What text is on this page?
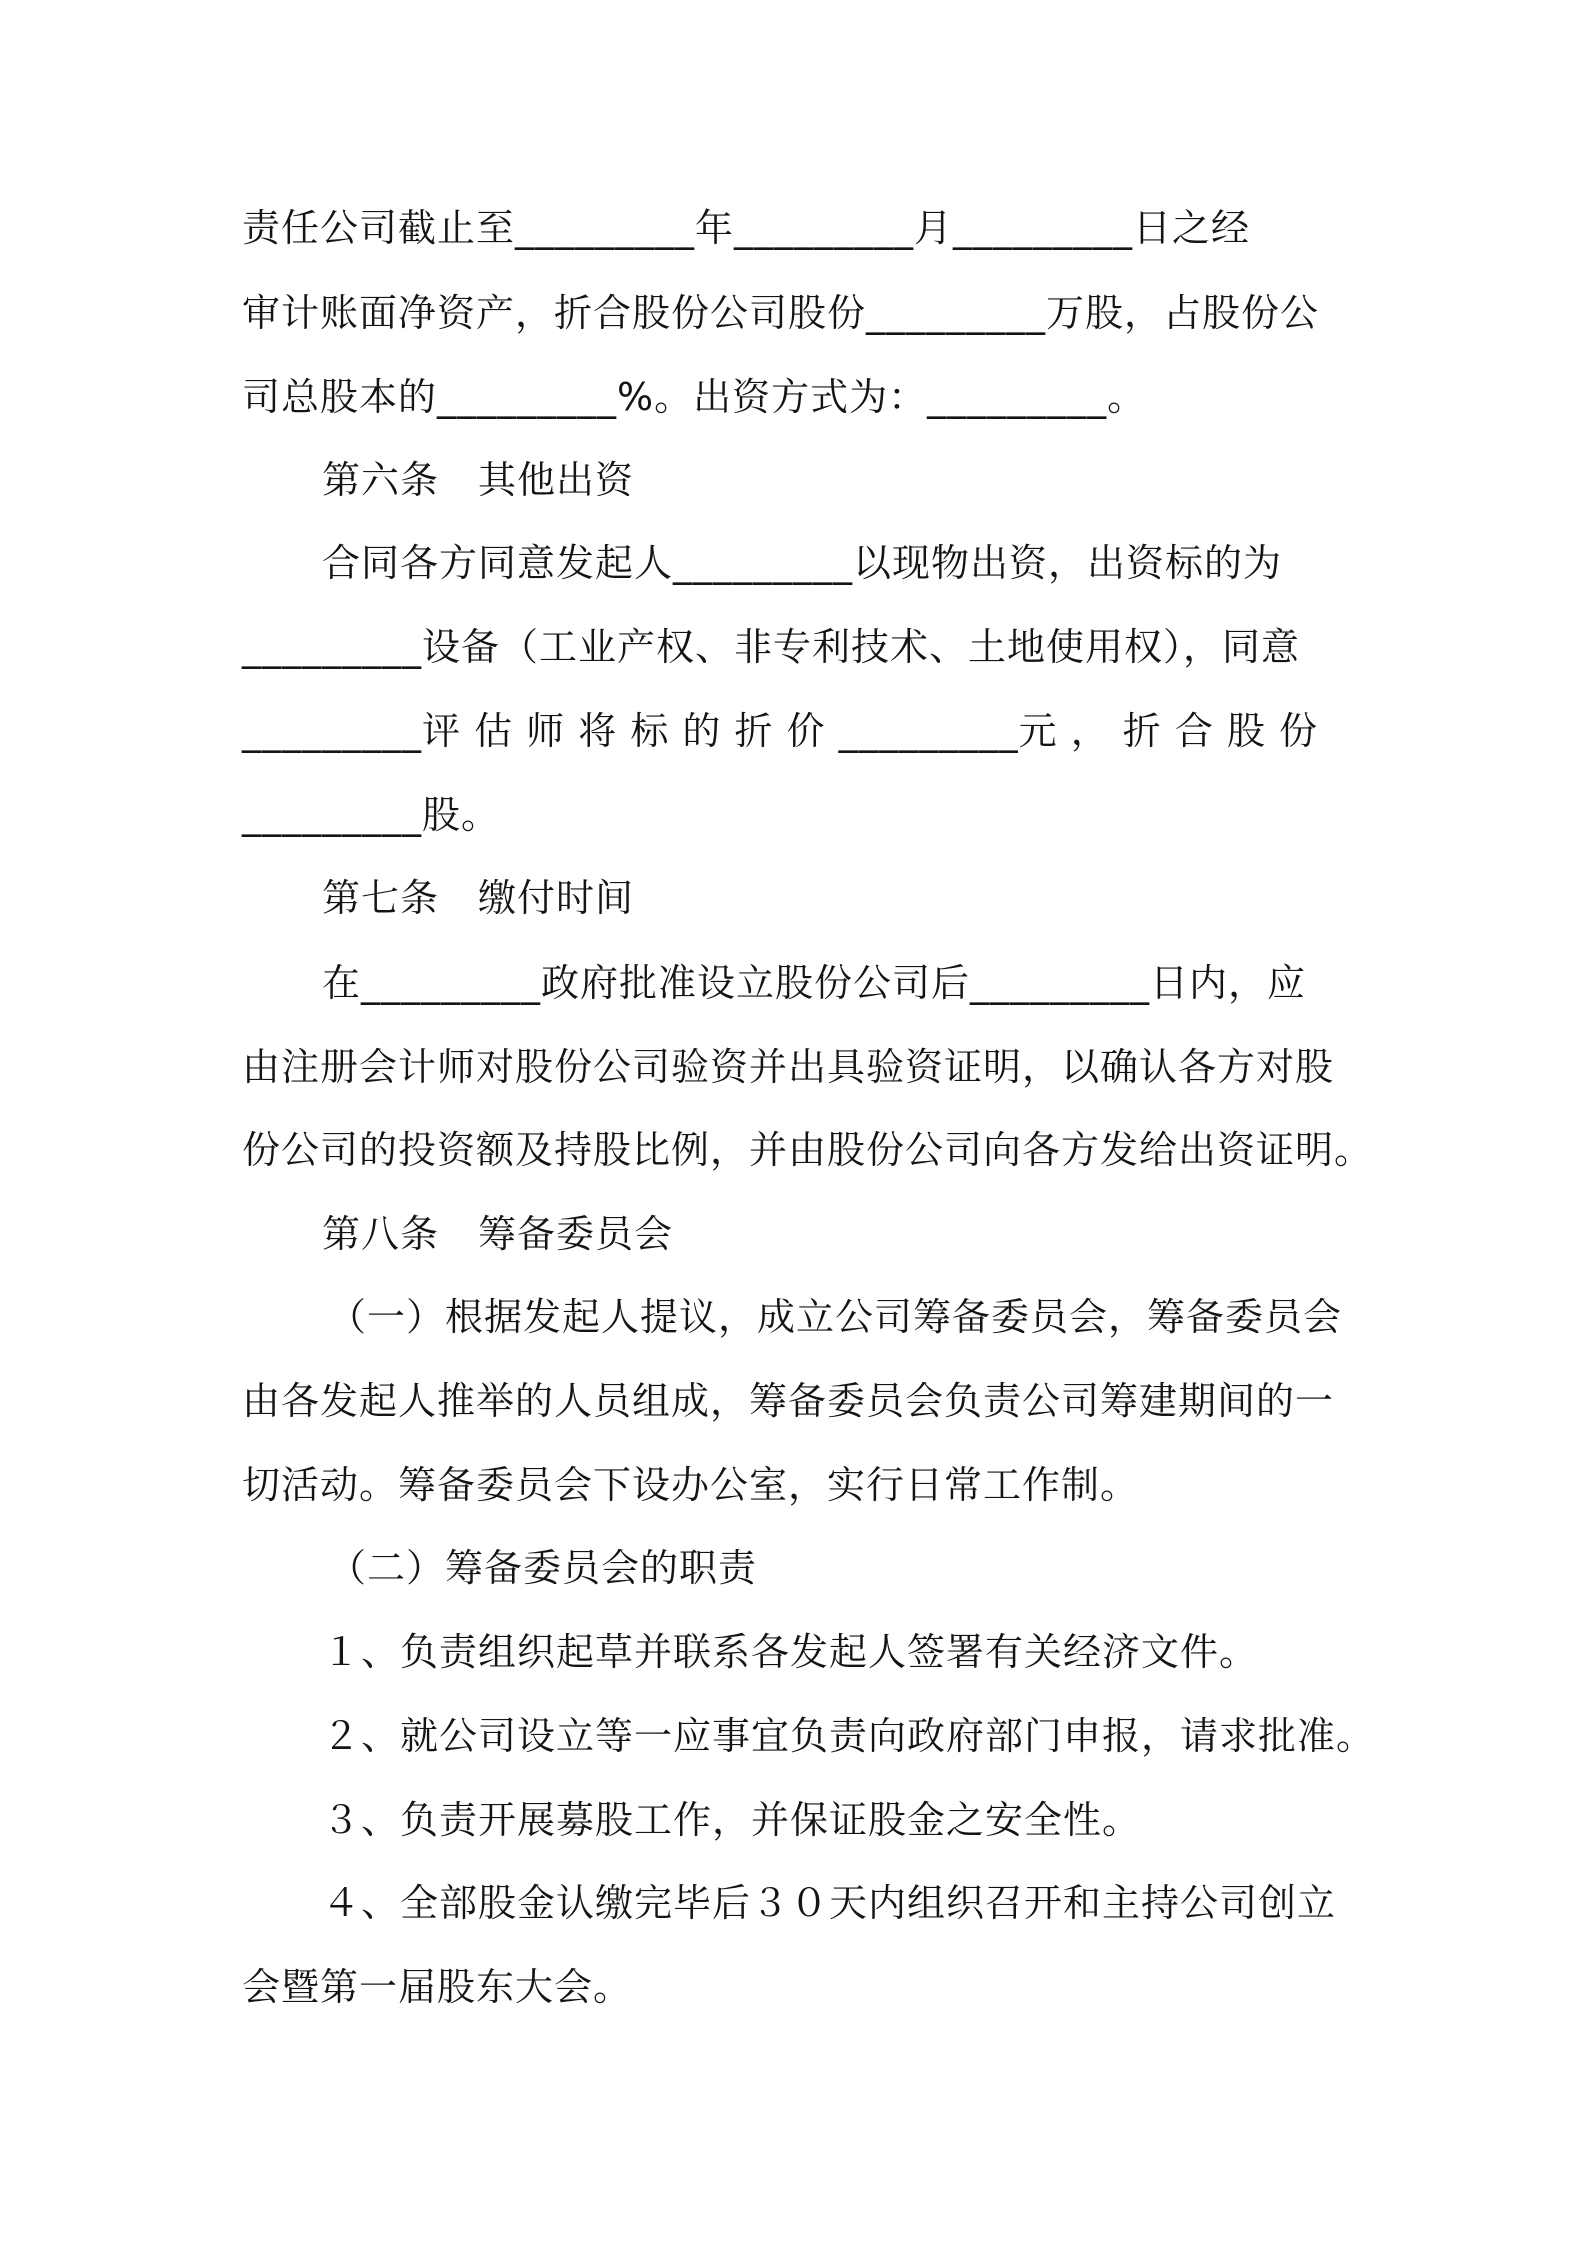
责任公司截止至_________年_________月_________日之经
审计账面净资产，折合股份公司股份_________万股，占股份公
司总股本的_________%。出资方式为：_________。
第六条　其他出资
合同各方同意发起人_________以现物出资，出资标的为
_________设备（工业产权、非专利技术、土地使用权），同意
_________评 估 师 将 标 的 折 价 _________元 ， 折 合 股 份
_________股。
第七条　缴付时间
在_________政府批准设立股份公司后_________日内，应
由注册会计师对股份公司验资并出具验资证明，以确认各方对股
份公司的投资额及持股比例，并由股份公司向各方发给出资证明。
第八条　筹备委员会
（一）根据发起人提议，成立公司筹备委员会，筹备委员会
由各发起人推举的人员组成，筹备委员会负责公司筹建期间的一
切活动。筹备委员会下设办公室，实行日常工作制。
（二）筹备委员会的职责
１、负责组织起草并联系各发起人签署有关经济文件。
２、就公司设立等一应事宜负责向政府部门申报，请求批准。
３、负责开展募股工作，并保证股金之安全性。
４、全部股金认缴完毕后３０天内组织召开和主持公司创立
会暨第一届股东大会。
